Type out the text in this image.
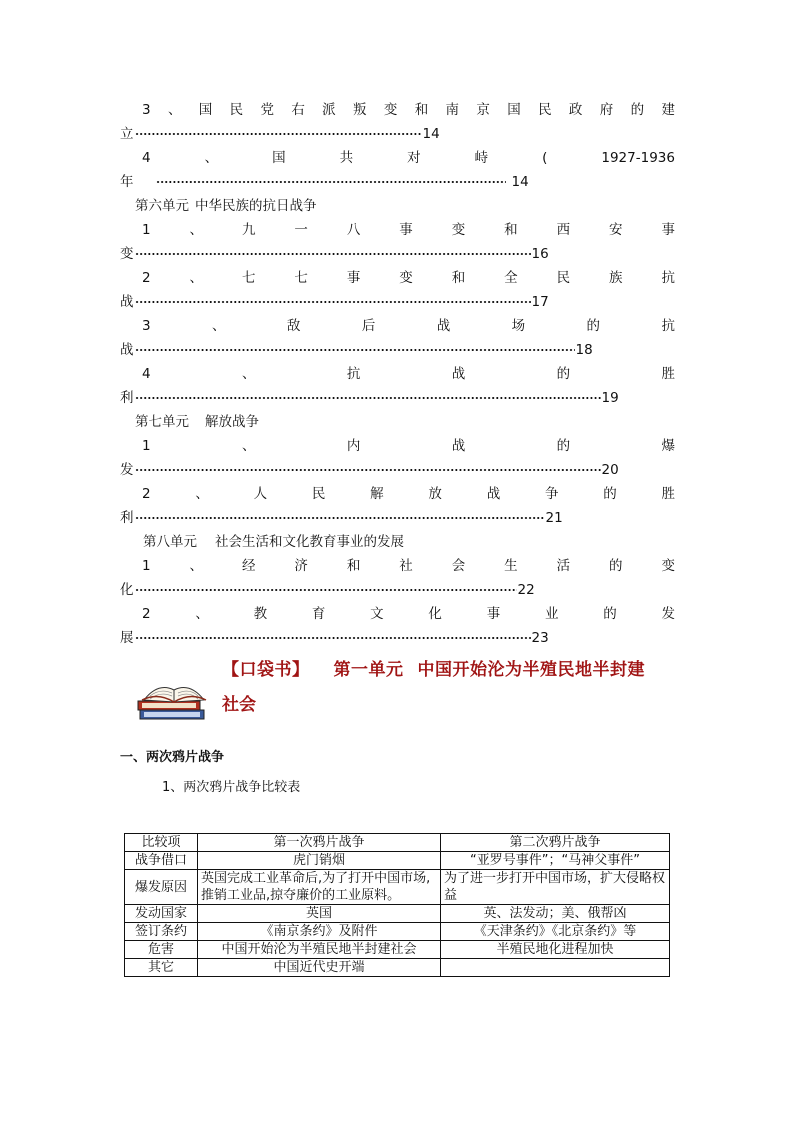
3 、 国 民 党 右 派 叛 变 和 南 京 国 民 政 府 的 建
立	14
4	、	国	共	对	峙	(	1927-1936
年	14
第六单元 中华民族的抗日战争
1	、	九	一	八	事	变	和	西	安	事
变	16
2	、	七	七	事	变	和	全	民	族	抗
战	17
3	、	敌	后	战	场	的	抗
战	18
4	、	抗	战	的	胜
利	19
第七单元 解放战争
1	、	内	战	的	爆
发	20
2	、	人	民	解	放	战	争	的	胜
利	21
第八单元 社会生活和文化教育事业的发展
1	、	经	济	和	社	会	生	活	的	变
化	22
2	、	教	育	文	化	事	业	的	发
展	23
【口袋书】 第一单元 中国开始沦为半殖民地半封建
社会
一、两次鸦片战争
1、两次鸦片战争比较表
比较项	第一次鸦片战争	第二次鸦片战争
战争借口	虎门销烟	“亚罗号事件”；“马神父事件”
爆发原因	英国完成工业革命后,为了打开中国市场,推销工业品,掠夺廉价的工业原料。	为了进一步打开中国市场，扩大侵略权益
发动国家	英国	英、法发动；美、俄帮凶
签订条约	《南京条约》及附件	《天津条约》《北京条约》等
危害	中国开始沦为半殖民地半封建社会	半殖民地化进程加快
其它	中国近代史开端	
